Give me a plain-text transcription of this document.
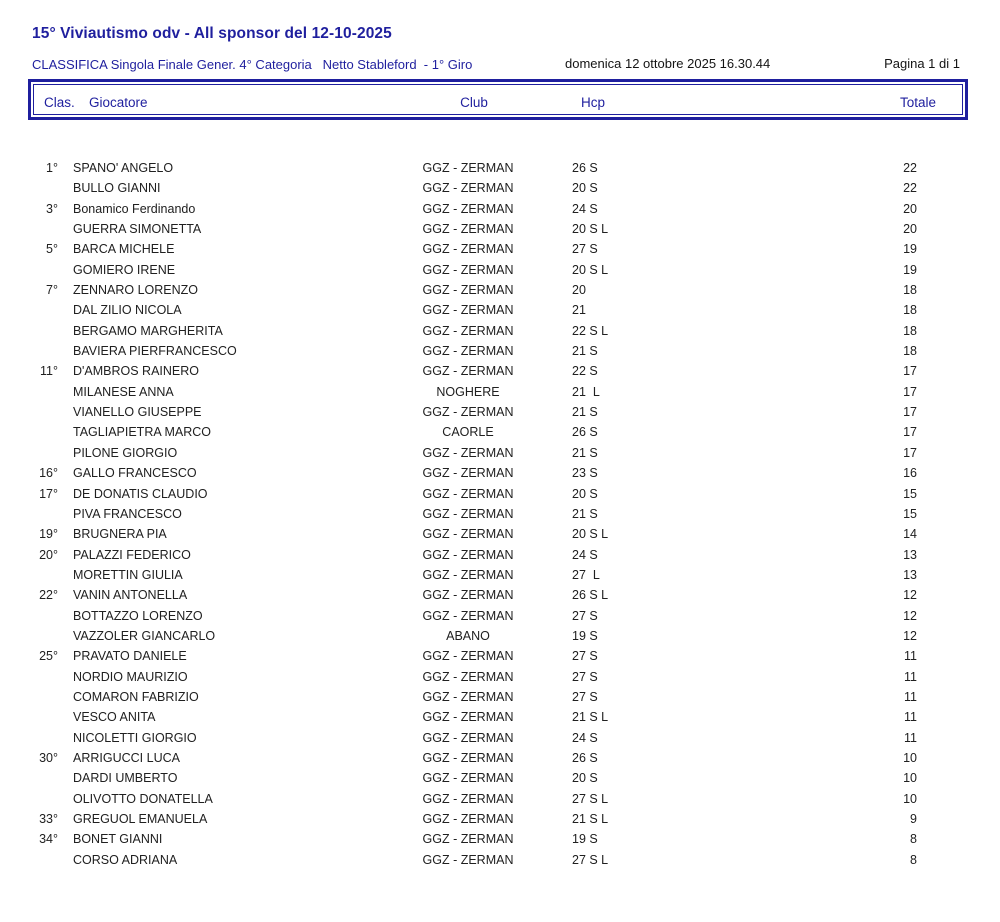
15° Viviautismo odv - All sponsor del 12-10-2025
CLASSIFICA Singola Finale Gener. 4° Categoria   Netto Stableford  - 1° Giro	domenica 12 ottobre 2025 16.30.44	Pagina 1 di 1
Clas. Giocatore	Club	Hcp	Totale
1° SPANO' ANGELO	GGZ - ZERMAN	26 S	22
BULLO GIANNI	GGZ - ZERMAN	20 S	22
3° Bonamico Ferdinando	GGZ - ZERMAN	24 S	20
GUERRA SIMONETTA	GGZ - ZERMAN	20 S L	20
5° BARCA MICHELE	GGZ - ZERMAN	27 S	19
GOMIERO IRENE	GGZ - ZERMAN	20 S L	19
7° ZENNARO LORENZO	GGZ - ZERMAN	20	18
DAL ZILIO NICOLA	GGZ - ZERMAN	21	18
BERGAMO MARGHERITA	GGZ - ZERMAN	22 S L	18
BAVIERA PIERFRANCESCO	GGZ - ZERMAN	21 S	18
11° D'AMBROS RAINERO	GGZ - ZERMAN	22 S	17
MILANESE ANNA	NOGHERE	21  L	17
VIANELLO GIUSEPPE	GGZ - ZERMAN	21 S	17
TAGLIAPIETRA MARCO	CAORLE	26 S	17
PILONE GIORGIO	GGZ - ZERMAN	21 S	17
16° GALLO FRANCESCO	GGZ - ZERMAN	23 S	16
17° DE DONATIS CLAUDIO	GGZ - ZERMAN	20 S	15
PIVA FRANCESCO	GGZ - ZERMAN	21 S	15
19° BRUGNERA PIA	GGZ - ZERMAN	20 S L	14
20° PALAZZI FEDERICO	GGZ - ZERMAN	24 S	13
MORETTIN GIULIA	GGZ - ZERMAN	27  L	13
22° VANIN ANTONELLA	GGZ - ZERMAN	26 S L	12
BOTTAZZO LORENZO	GGZ - ZERMAN	27 S	12
VAZZOLER GIANCARLO	ABANO	19 S	12
25° PRAVATO DANIELE	GGZ - ZERMAN	27 S	11
NORDIO MAURIZIO	GGZ - ZERMAN	27 S	11
COMARON FABRIZIO	GGZ - ZERMAN	27 S	11
VESCO ANITA	GGZ - ZERMAN	21 S L	11
NICOLETTI GIORGIO	GGZ - ZERMAN	24 S	11
30° ARRIGUCCI LUCA	GGZ - ZERMAN	26 S	10
DARDI UMBERTO	GGZ - ZERMAN	20 S	10
OLIVOTTO DONATELLA	GGZ - ZERMAN	27 S L	10
33° GREGUOL EMANUELA	GGZ - ZERMAN	21 S L	9
34° BONET GIANNI	GGZ - ZERMAN	19 S	8
CORSO ADRIANA	GGZ - ZERMAN	27 S L	8
